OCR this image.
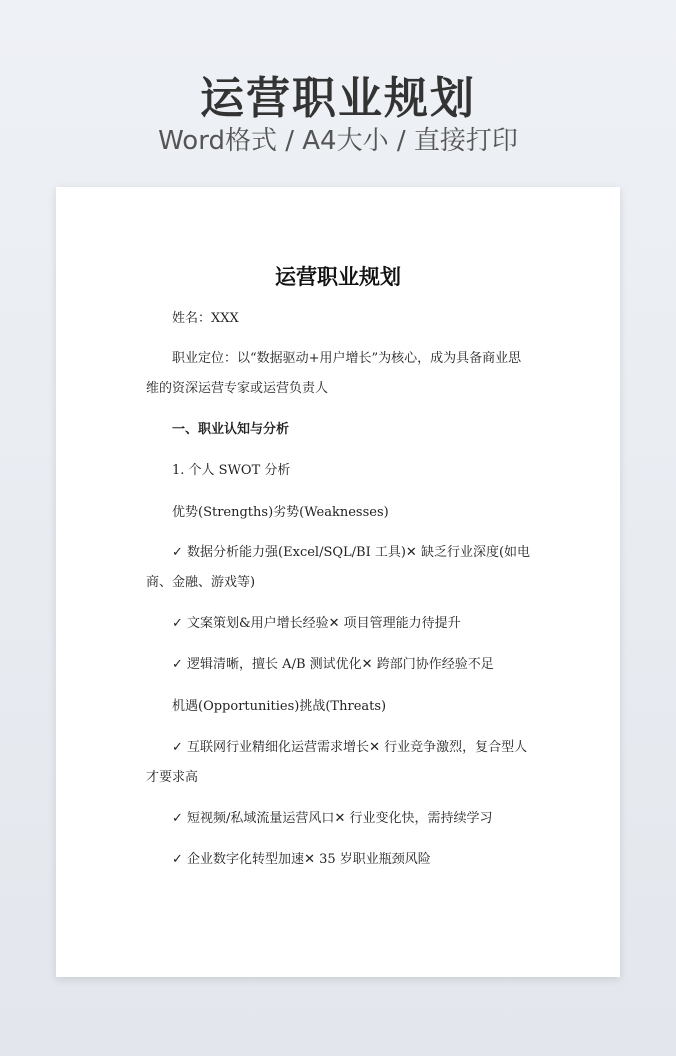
运营职业规划
Word格式 / A4大小 / 直接打印
运营职业规划
姓名：XXX
职业定位：以“数据驱动+用户增长”为核心，成为具备商业思维的资深运营专家或运营负责人
一、职业认知与分析
1. 个人 SWOT 分析
优势(Strengths)劣势(Weaknesses)
✓ 数据分析能力强(Excel/SQL/BI 工具)✕ 缺乏行业深度(如电商、金融、游戏等)
✓ 文案策划&用户增长经验✕ 项目管理能力待提升
✓ 逻辑清晰，擅长 A/B 测试优化✕ 跨部门协作经验不足
机遇(Opportunities)挑战(Threats)
✓ 互联网行业精细化运营需求增长✕ 行业竞争激烈，复合型人才要求高
✓ 短视频/私域流量运营风口✕ 行业变化快，需持续学习
✓ 企业数字化转型加速✕ 35 岁职业瓶颈风险
